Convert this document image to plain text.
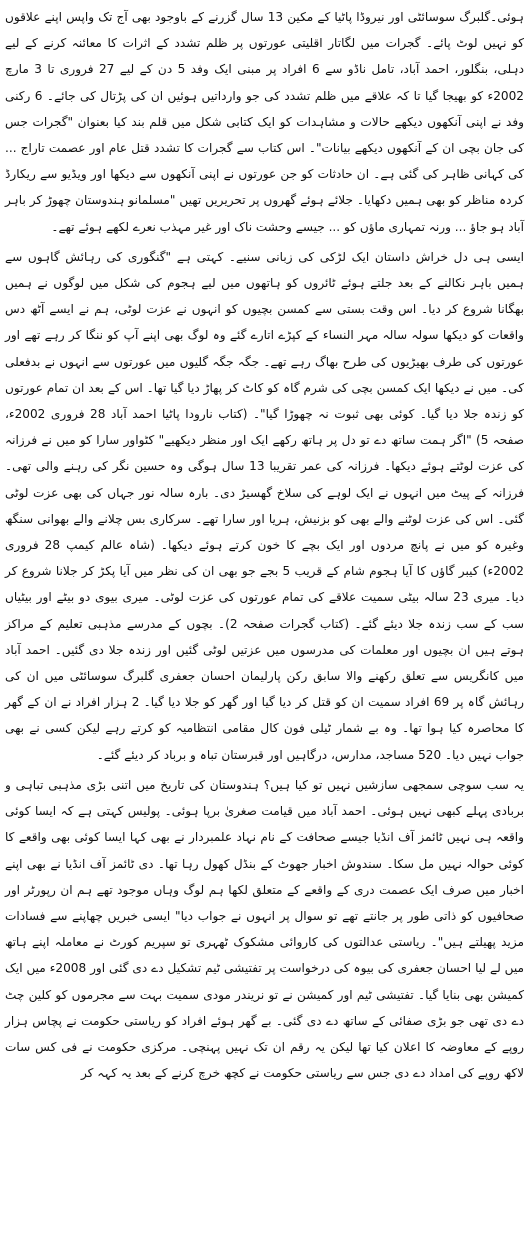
ہوئی۔گلبرگ سوسائٹی اور نیروڈا پاٹیا کے مکین 13 سال گزرنے کے باوجود بھی آج تک واپس اپنے علاقوں کو نہیں لوٹ پائے۔ گجرات میں لگاتار اقلیتی عورتوں پر ظلم تشدد کے اثرات کا معائنہ کرنے کے لیے دہلی، بنگلور، احمد آباد، تامل ناڈو سے 6 افراد پر مبنی ایک وفد 5 دن کے لیے 27 فروری تا 3 مارچ 2002ء کو بھیجا گیا تا کہ علاقے میں ظلم تشدد کی جو وارداتیں ہوئیں ان کی پڑتال کی جائے۔ 6 رکنی وفد نے اپنی آنکھوں دیکھے حالات و مشاہدات کو ایک کتابی شکل میں قلم بند کیا بعنوان "گجرات جس کی جان بچی ان کے آنکھوں دیکھے بیانات"۔ اس کتاب سے گجرات کا تشدد قتل عام اور عصمت تاراج ... کی کہانی ظاہر کی گئی ہے۔ ان حادثات کو جن عورتوں نے اپنی آنکھوں سے دیکھا اور ویڈیو سے ریکارڈ کردہ مناظر کو بھی ہمیں دکھایا۔ جلائے ہوئے گھروں پر تحریریں تھیں "مسلمانو ہندوستان چھوڑ کر باہر آباد ہو جاؤ ... ورنہ تمہاری ماؤں کو ... جیسے وحشت ناک اور غیر مہذب نعرے لکھے ہوئے تھے۔

ایسی ہی دل خراش داستان ایک لڑکی کی زبانی سنیے۔ کہتی ہے "گنگوری کی رہائش گاہوں سے ہمیں باہر نکالنے کے بعد جلتے ہوئے ٹائروں کو ہاتھوں میں لیے ہجوم کی شکل میں لوگوں نے ہمیں بھگانا شروع کر دیا۔ اس وقت بستی سے کمسن بچیوں کو انہوں نے عزت لوٹی، ہم نے ایسے آٹھ دس واقعات کو دیکھا سولہ سالہ مہر النساء کے کپڑے اتارے گئے وہ لوگ بھی اپنے آپ کو ننگا کر رہے تھے اور عورتوں کی طرف بھیڑیوں کی طرح بھاگ رہے تھے۔ جگہ جگہ گلیوں میں عورتوں سے انہوں نے بدفعلی کی۔ میں نے دیکھا ایک کمسن بچی کی شرم گاہ کو کاٹ کر پھاڑ دیا گیا تھا۔ اس کے بعد ان تمام عورتوں کو زندہ جلا دیا گیا۔ کوئی بھی ثبوت نہ چھوڑا گیا"۔ (کتاب نارودا پاٹیا احمد آباد 28 فروری 2002ء، صفحہ 5) "اگر ہمت ساتھ دے تو دل پر ہاتھ رکھے ایک اور منظر دیکھیے" کٹواور سارا کو میں نے فرزانہ کی عزت لوٹتے ہوئے دیکھا۔ فرزانہ کی عمر تقریبا 13 سال ہوگی وہ حسین نگر کی رہنے والی تھی۔ فرزانہ کے پیٹ میں انہوں نے ایک لوہے کی سلاخ گھسیڑ دی۔ بارہ سالہ نور جہاں کی بھی عزت لوٹی گئی۔ اس کی عزت لوٹنے والے بھی کو بزنیش، ہریا اور سارا تھے۔ سرکاری بس چلانے والے بھوانی سنگھ وغیرہ کو میں نے پانچ مردوں اور ایک بچے کا خون کرتے ہوئے دیکھا۔ (شاہ عالم کیمپ 28 فروری 2002ء) کیبر گاؤں کا آیا ہجوم شام کے قریب 5 بجے جو بھی ان کی نظر میں آیا پکڑ کر جلانا شروع کر دیا۔ میری 23 سالہ بیٹی سمیت علاقے کی تمام عورتوں کی عزت لوٹی۔ میری بیوی دو بیٹے اور بیٹیاں سب کے سب زندہ جلا دیئے گئے۔ (کتاب گجرات صفحہ 2)۔ بچوں کے مدرسے مذہبی تعلیم کے مراکز ہوتے ہیں ان بچیوں اور معلمات کی مدرسوں میں عزتیں لوٹی گئیں اور زندہ جلا دی گئیں۔ احمد آباد میں کانگریس سے تعلق رکھنے والا سابق رکن پارلیمان احسان جعفری گلبرگ سوسائٹی میں ان کی رہائش گاہ پر 69 افراد سمیت ان کو قتل کر دیا گیا اور گھر کو جلا دیا گیا۔ 2 ہزار افراد نے ان کے گھر کا محاصرہ کیا ہوا تھا۔ وہ بے شمار ٹیلی فون کال مقامی انتظامیہ کو کرتے رہے لیکن کسی نے بھی جواب نہیں دیا۔ 520 مساجد، مدارس، درگاہیں اور قبرستان تباہ و برباد کر دیئے گئے۔

یہ سب سوچی سمجھی سازشیں نہیں تو کیا ہیں؟ ہندوستان کی تاریخ میں اتنی بڑی مذہبی تباہی و بربادی پہلے کبھی نہیں ہوئی۔ احمد آباد میں قیامت صغریٰ برپا ہوئی۔ پولیس کہتی ہے کہ ایسا کوئی واقعہ ہی نہیں ٹائمز آف انڈیا جیسے صحافت کے نام نہاد علمبردار نے بھی کہا ایسا کوئی بھی واقعے کا کوئی حوالہ نہیں مل سکا۔ سندوش اخبار جھوٹ کے بنڈل کھول رہا تھا۔ دی ٹائمز آف انڈیا نے بھی اپنے اخبار میں صرف ایک عصمت دری کے واقعے کے متعلق لکھا ہم لوگ وہاں موجود تھے ہم ان رپورٹر اور صحافیوں کو ذاتی طور پر جانتے تھے تو سوال پر انہوں نے جواب دیا" ایسی خبریں چھاپنے سے فسادات مزید پھیلتے ہیں"۔ ریاستی عدالتوں کی کاروائی مشکوک ٹھہری تو سپریم کورٹ نے معاملہ اپنے ہاتھ میں لے لیا احسان جعفری کی بیوہ کی درخواست پر تفتیشی ٹیم تشکیل دے دی گئی اور 2008ء میں ایک کمیشن بھی بنایا گیا۔ تفتیشی ٹیم اور کمیشن نے تو نریندر مودی سمیت بہت سے مجرموں کو کلین چٹ دے دی تھی جو بڑی صفائی کے ساتھ دے دی گئی۔ بے گھر ہوئے افراد کو ریاستی حکومت نے پچاس ہزار روپے کے معاوضہ کا اعلان کیا تھا لیکن یہ رقم ان تک نہیں پہنچی۔ مرکزی حکومت نے فی کس سات لاکھ روپے کی امداد دے دی جس سے ریاستی حکومت نے کچھ خرچ کرنے کے بعد یہ کہہ کر
